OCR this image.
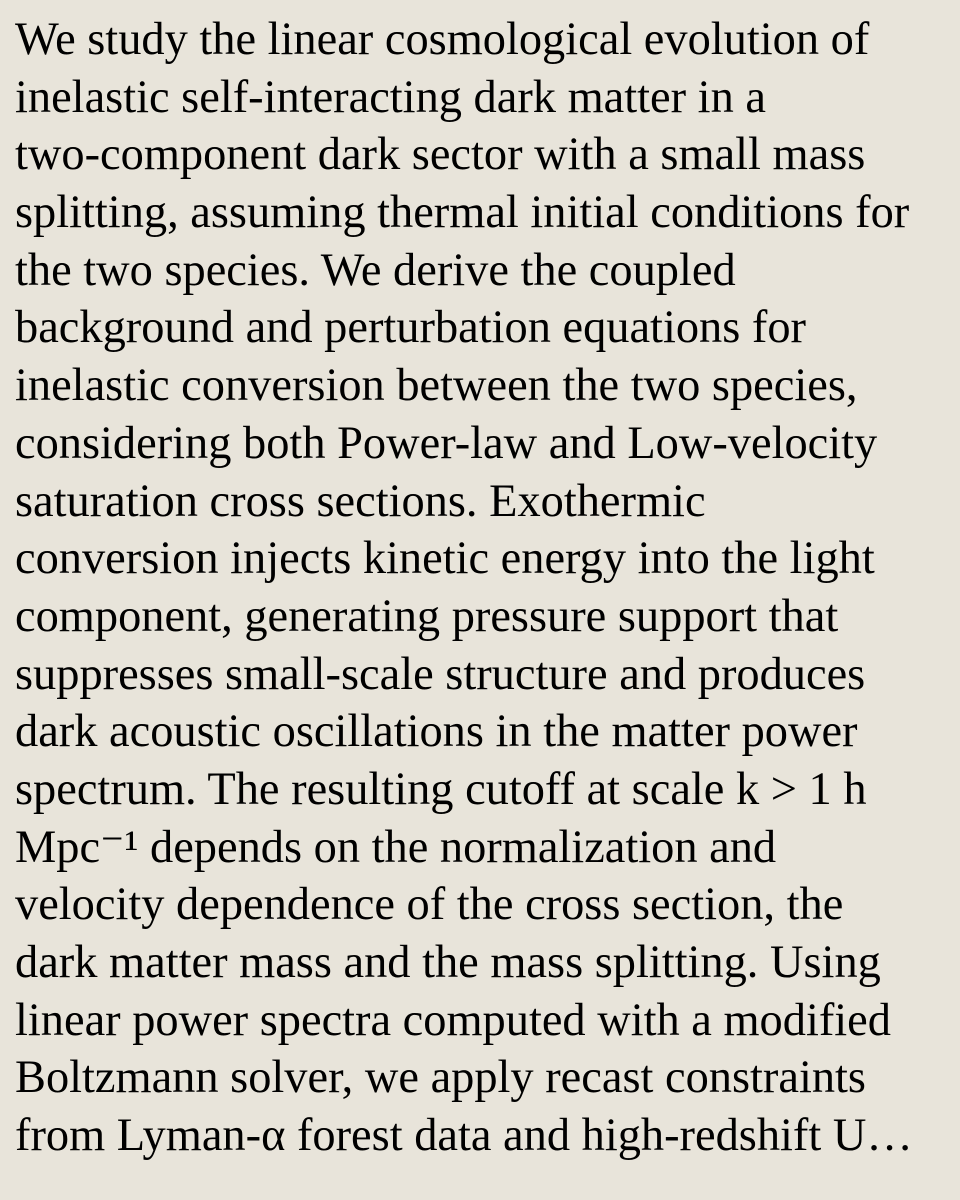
We study the linear cosmological evolution of
inelastic self-interacting dark matter in a
two-component dark sector with a small mass
splitting, assuming thermal initial conditions for
the two species. We derive the coupled
background and perturbation equations for
inelastic conversion between the two species,
considering both Power-law and Low-velocity
saturation cross sections. Exothermic
conversion injects kinetic energy into the light
component, generating pressure support that
suppresses small-scale structure and produces
dark acoustic oscillations in the matter power
spectrum. The resulting cutoff at scale k > 1 h
Mpc⁻¹ depends on the normalization and
velocity dependence of the cross section, the
dark matter mass and the mass splitting. Using
linear power spectra computed with a modified
Boltzmann solver, we apply recast constraints
from Lyman-α forest data and high-redshift U…
